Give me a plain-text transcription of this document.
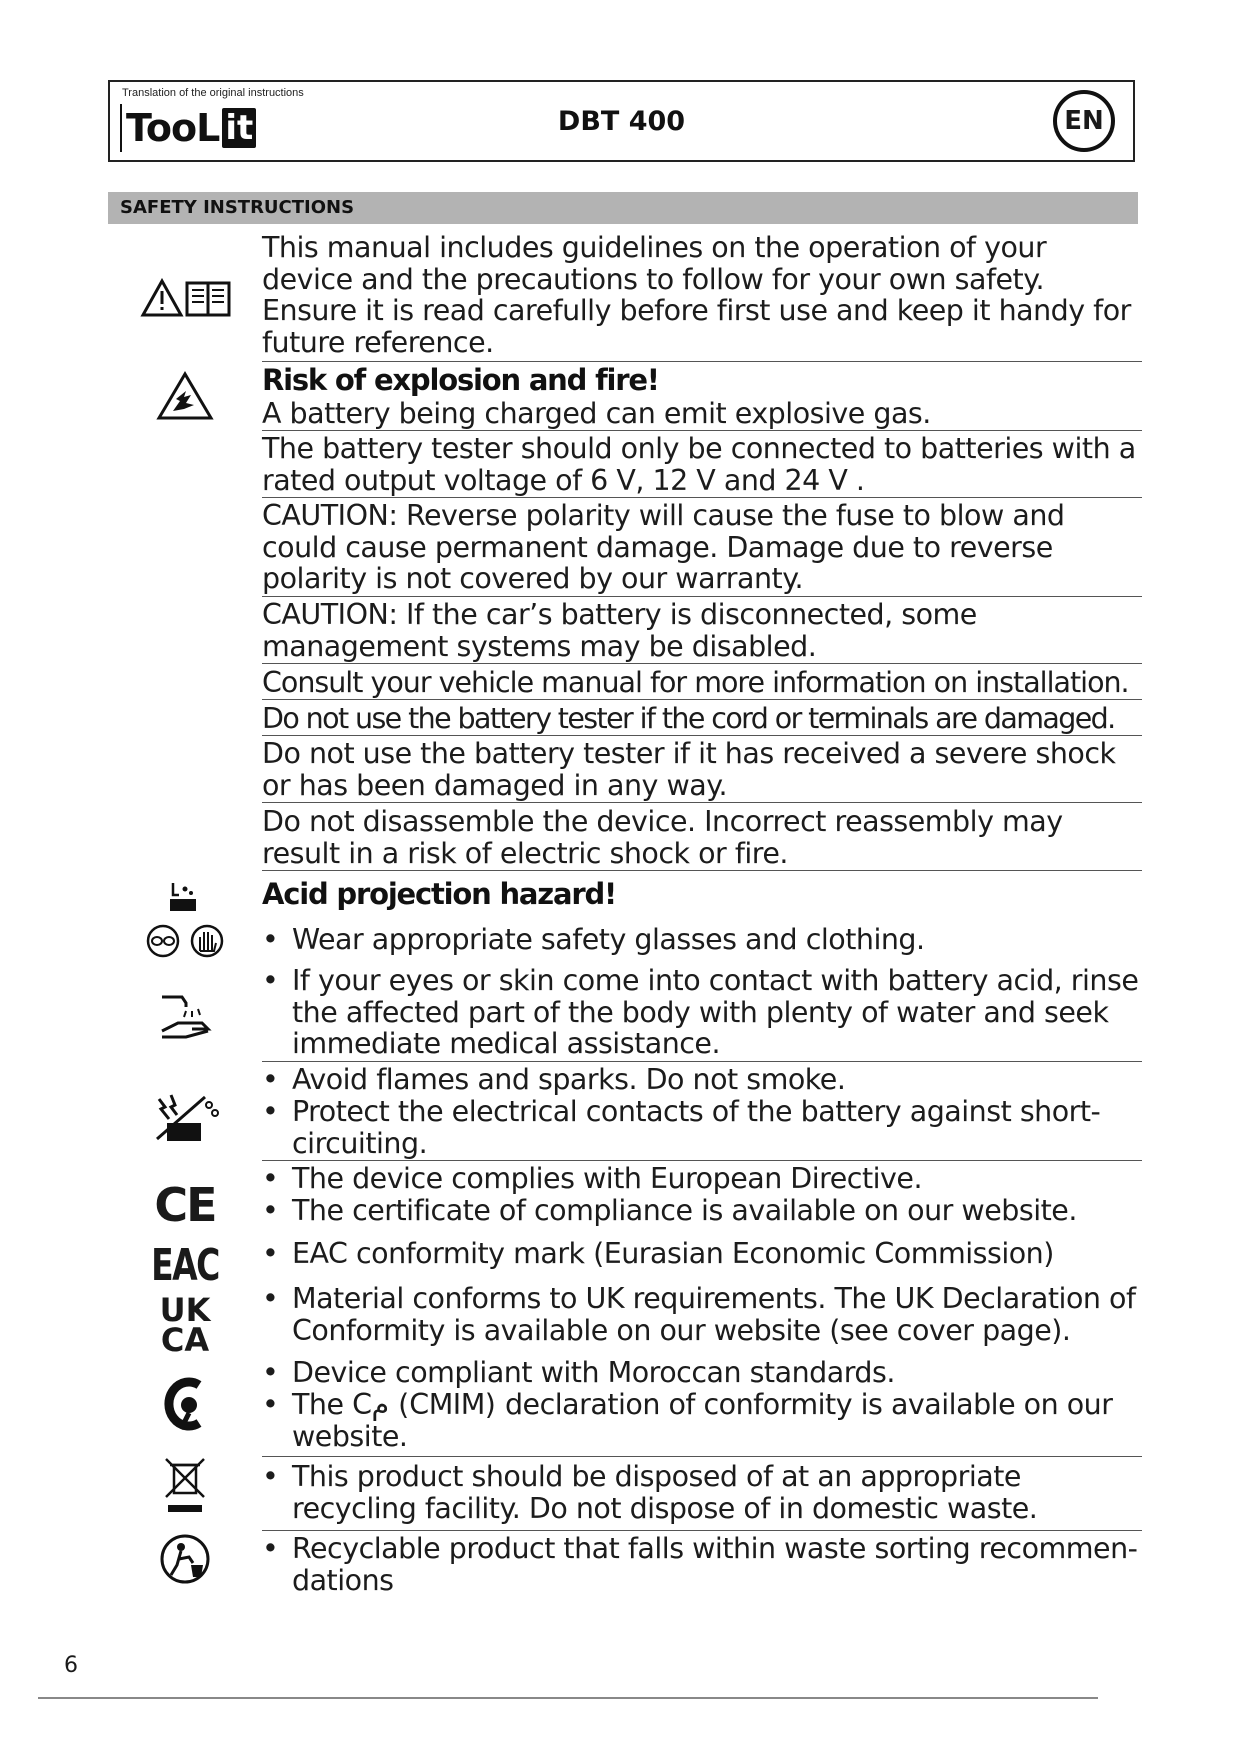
Translation of the original instructions
TooL it	DBT 400	EN
SAFETY INSTRUCTIONS
CE
EAC
UK
CA
This manual includes guidelines on the operation of your device and the precautions to follow for your own safety. Ensure it is read carefully before first use and keep it handy for future reference.
Risk of explosion and fire!
A battery being charged can emit explosive gas.
The battery tester should only be connected to batteries with a rated output voltage of 6 V, 12 V and 24 V .
CAUTION: Reverse polarity will cause the fuse to blow and could cause permanent damage. Damage due to reverse polarity is not covered by our warranty.
CAUTION: If the car’s battery is disconnected, some management systems may be disabled.
Consult your vehicle manual for more information on installation.
Do not use the battery tester if the cord or terminals are damaged.
Do not use the battery tester if it has received a severe shock or has been damaged in any way.
Do not disassemble the device. Incorrect reassembly may result in a risk of electric shock or fire.
Acid projection hazard!
• Wear appropriate safety glasses and clothing.
• If your eyes or skin come into contact with battery acid, rinse the affected part of the body with plenty of water and seek immediate medical assistance.
• Avoid flames and sparks. Do not smoke.
• Protect the electrical contacts of the battery against short-circuiting.
• The device complies with European Directive.
• The certificate of compliance is available on our website.
• EAC conformity mark (Eurasian Economic Commission)
• Material conforms to UK requirements. The UK Declaration of Conformity is available on our website (see cover page).
• Device compliant with Moroccan standards.
• The Cم (CMIM) declaration of conformity is available on our website.
• This product should be disposed of at an appropriate recycling facility. Do not dispose of in domestic waste.
• Recyclable product that falls within waste sorting recommen-dations
6
